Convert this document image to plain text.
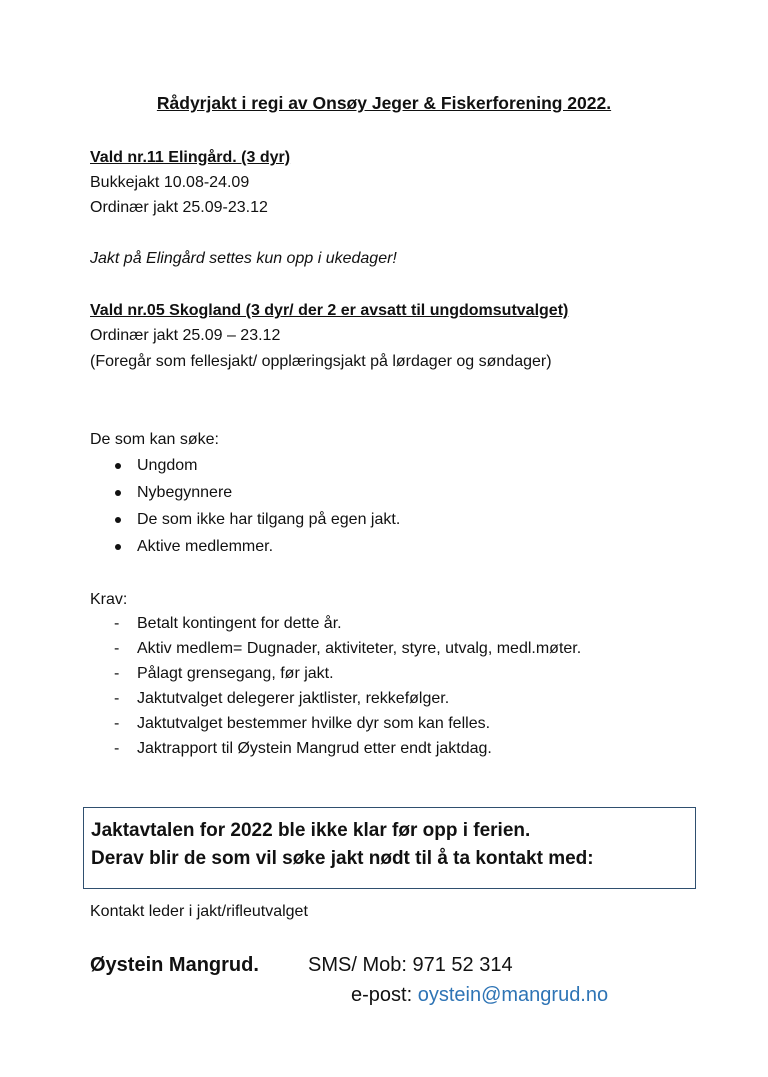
Rådyrjakt i regi av Onsøy Jeger & Fiskerforening 2022.
Vald nr.11 Elingård. (3 dyr)
Bukkejakt 10.08-24.09
Ordinær jakt 25.09-23.12
Jakt på Elingård settes kun opp i ukedager!
Vald nr.05 Skogland (3 dyr/ der 2 er avsatt til ungdomsutvalget)
Ordinær jakt 25.09 – 23.12
(Foregår som fellesjakt/ opplæringsjakt på lørdager og søndager)
De som kan søke:
Ungdom
Nybegynnere
De som ikke har tilgang på egen jakt.
Aktive medlemmer.
Krav:
- Betalt kontingent for dette år.
- Aktiv medlem= Dugnader, aktiviteter, styre, utvalg, medl.møter.
- Pålagt grensegang, før jakt.
- Jaktutvalget delegerer jaktlister, rekkefølger.
- Jaktutvalget bestemmer hvilke dyr som kan felles.
- Jaktrapport til Øystein Mangrud etter endt jaktdag.
Jaktavtalen for 2022 ble ikke klar før opp i ferien.
Derav blir de som vil søke jakt nødt til å ta kontakt med:
Kontakt leder i jakt/rifleutvalget
Øystein Mangrud. SMS/ Mob: 971 52 314
e-post: oystein@mangrud.no
